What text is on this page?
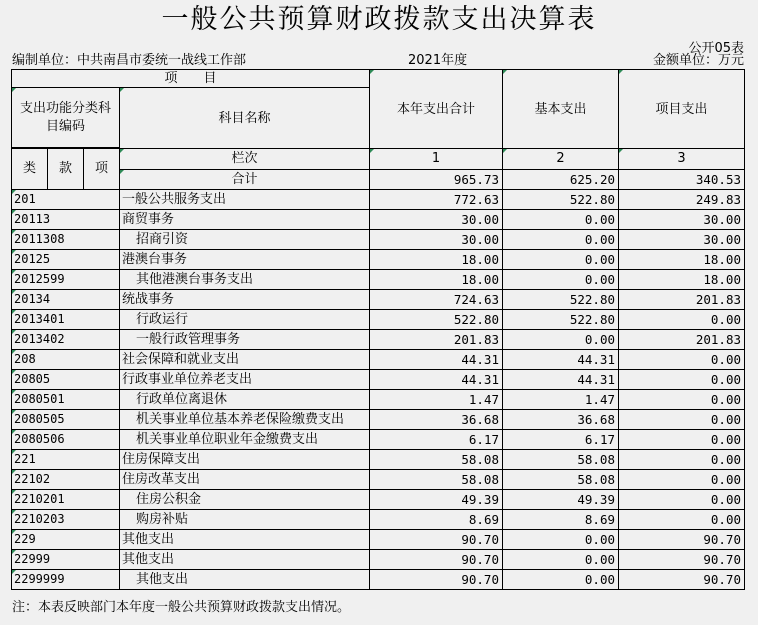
一般公共预算财政拨款支出决算表
公开05表
编制单位：中共南昌市委统一战线工作部	2021年度	金额单位：万元
项　　目		本年支出合计	基本支出	项目支出
支出功能分类科目编码	科目名称			

类 款 项	栏次	1	2	3
	合计	965.73	625.20	340.53
201	一般公共服务支出	772.63	522.80	249.83
20113	商贸事务	30.00	0.00	30.00
2011308	招商引资	30.00	0.00	30.00
20125	港澳台事务	18.00	0.00	18.00
2012599	其他港澳台事务支出	18.00	0.00	18.00
20134	统战事务	724.63	522.80	201.83
2013401	行政运行	522.80	522.80	0.00
2013402	一般行政管理事务	201.83	0.00	201.83
208	社会保障和就业支出	44.31	44.31	0.00
20805	行政事业单位养老支出	44.31	44.31	0.00
2080501	行政单位离退休	1.47	1.47	0.00
2080505	机关事业单位基本养老保险缴费支出	36.68	36.68	0.00
2080506	机关事业单位职业年金缴费支出	6.17	6.17	0.00
221	住房保障支出	58.08	58.08	0.00
22102	住房改革支出	58.08	58.08	0.00
2210201	住房公积金	49.39	49.39	0.00
2210203	购房补贴	8.69	8.69	0.00
229	其他支出	90.70	0.00	90.70
22999	其他支出	90.70	0.00	90.70
2299999	其他支出	90.70	0.00	90.70
注：本表反映部门本年度一般公共预算财政拨款支出情况。
